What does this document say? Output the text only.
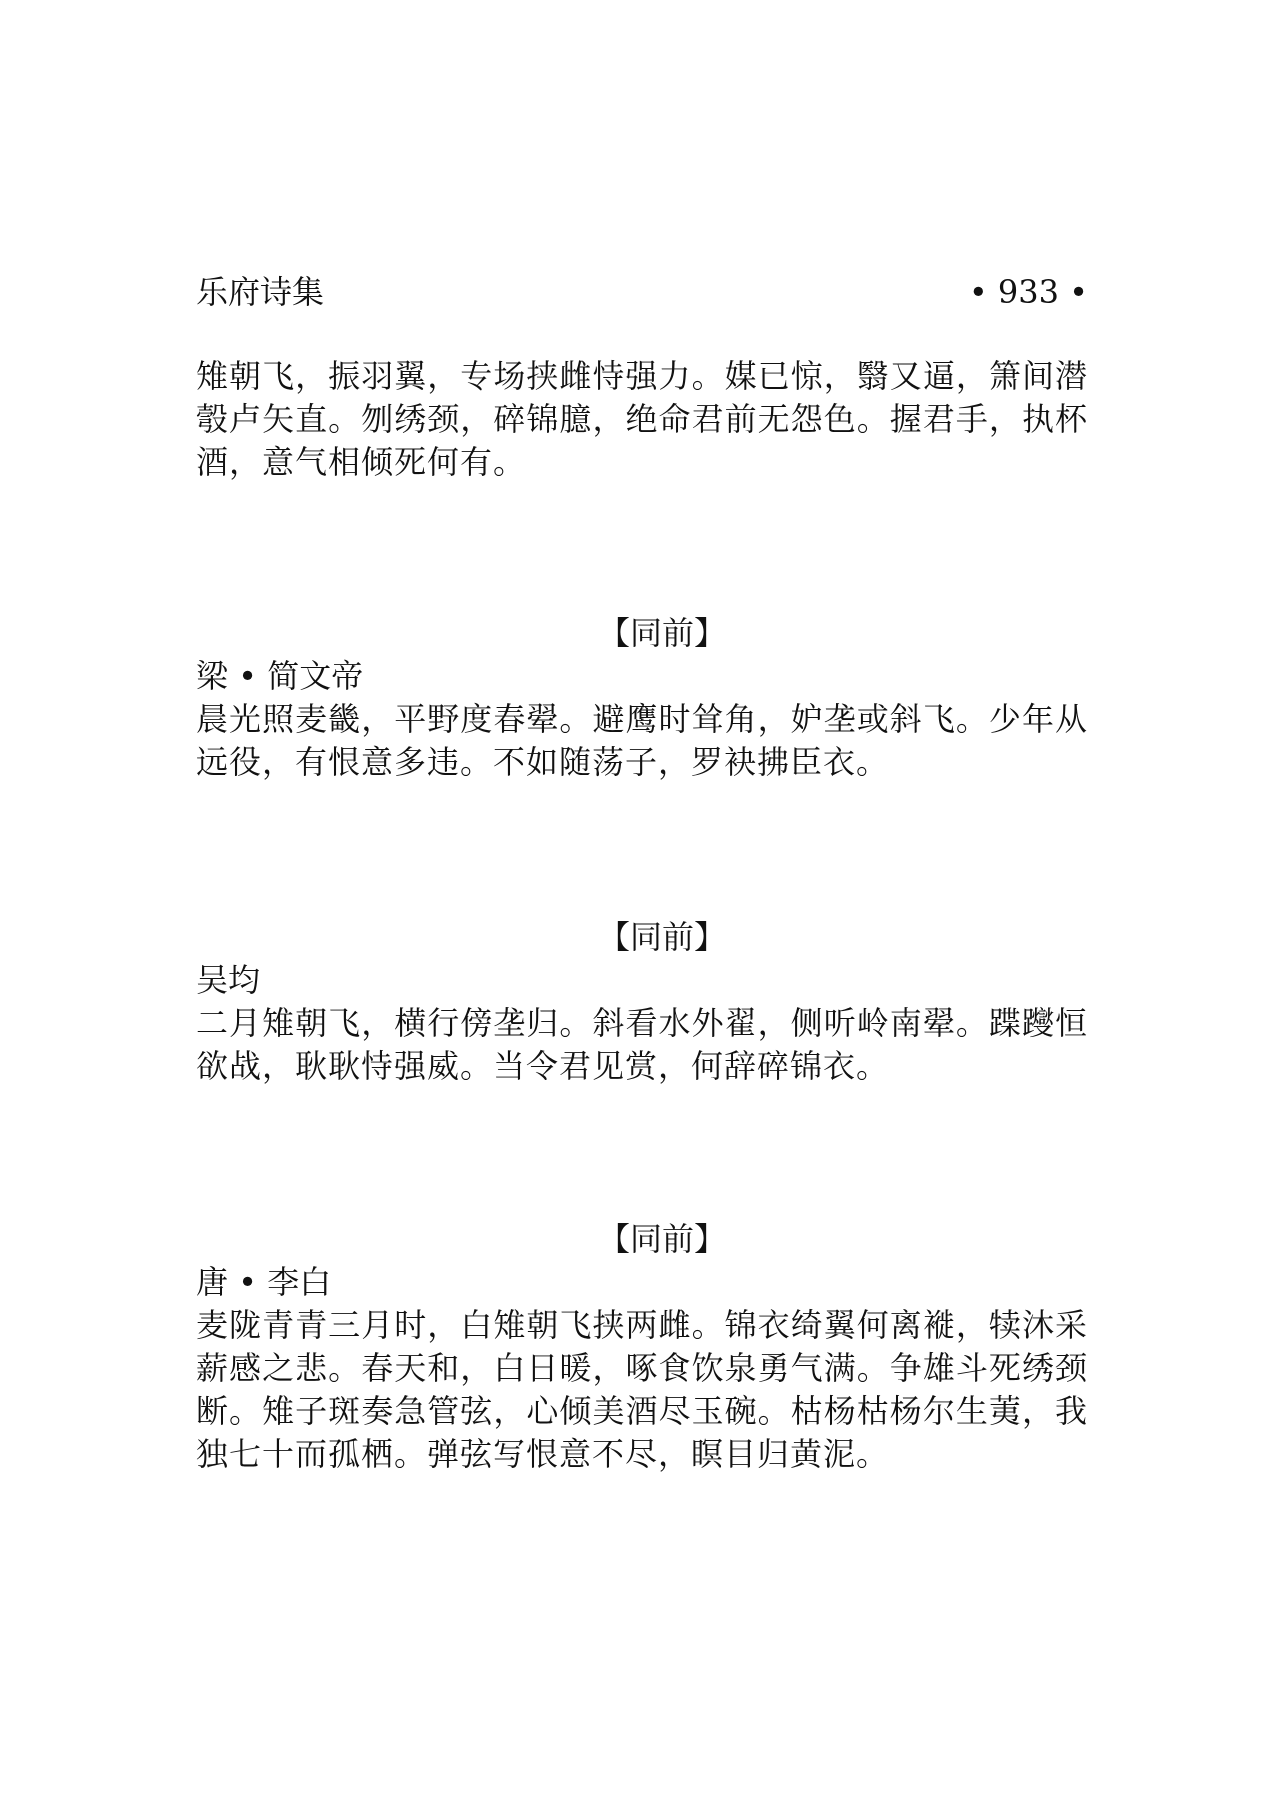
乐府诗集	• 933 •

雉朝飞，振羽翼，专场挟雌恃强力。媒已惊，翳又逼，箫间潜彀卢矢直。刎绣颈，碎锦臆，绝命君前无怨色。握君手，执杯酒，意气相倾死何有。

【同前】

梁 • 简文帝

晨光照麦畿，平野度春翚。避鹰时耸角，妒垄或斜飞。少年从远役，有恨意多违。不如随荡子，罗袂拂臣衣。

【同前】

吴均

二月雉朝飞，横行傍垄归。斜看水外翟，侧听岭南翚。蹀躞恒欲战，耿耿恃强威。当令君见赏，何辞碎锦衣。

【同前】

唐 • 李白

麦陇青青三月时，白雉朝飞挟两雌。锦衣绮翼何离褷，犊沐采薪感之悲。春天和，白日暖，啄食饮泉勇气满。争雄斗死绣颈断。雉子斑奏急管弦，心倾美酒尽玉碗。枯杨枯杨尔生荑，我独七十而孤栖。弹弦写恨意不尽，瞑目归黄泥。
